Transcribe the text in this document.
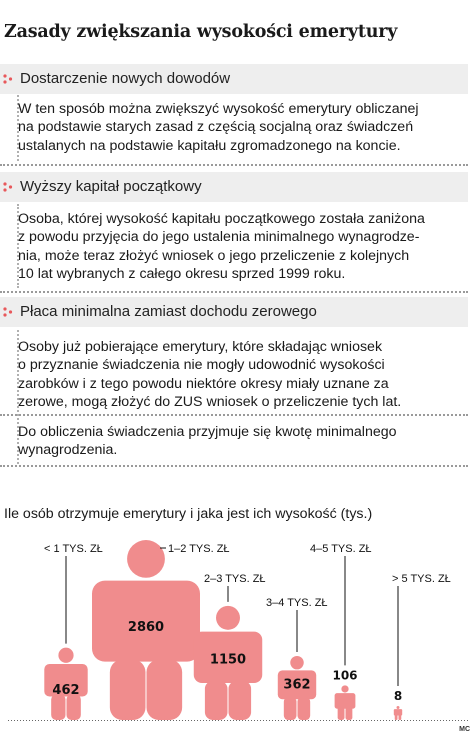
Zasady zwiększania wysokości emerytury
Dostarczenie nowych dowodów
W ten sposób można zwiększyć wysokość emerytury obliczanej
na podstawie starych zasad z częścią socjalną oraz świadczeń
ustalanych na podstawie kapitału zgromadzonego na koncie.
Wyższy kapitał początkowy
Osoba, której wysokość kapitału początkowego została zaniżona
z powodu przyjęcia do jego ustalenia minimalnego wynagrodze-
nia, może teraz złożyć wniosek o jego przeliczenie z kolejnych
10 lat wybranych z całego okresu sprzed 1999 roku.
Płaca minimalna zamiast dochodu zerowego
Osoby już pobierające emerytury, które składając wniosek
o przyznanie świadczenia nie mogły udowodnić wysokości
zarobków i z tego powodu niektóre okresy miały uznane za
zerowe, mogą złożyć do ZUS wniosek o przeliczenie tych lat.
Do obliczenia świadczenia przyjmuje się kwotę minimalnego
wynagrodzenia.
Ile osób otrzymuje emerytury i jaka jest ich wysokość (tys.)
462
< 1 TYS. ZŁ
2860
1–2 TYS. ZŁ
1150
2–3 TYS. ZŁ
362
3–4 TYS. ZŁ
106
4–5 TYS. ZŁ
8
> 5 TYS. ZŁ
MC
